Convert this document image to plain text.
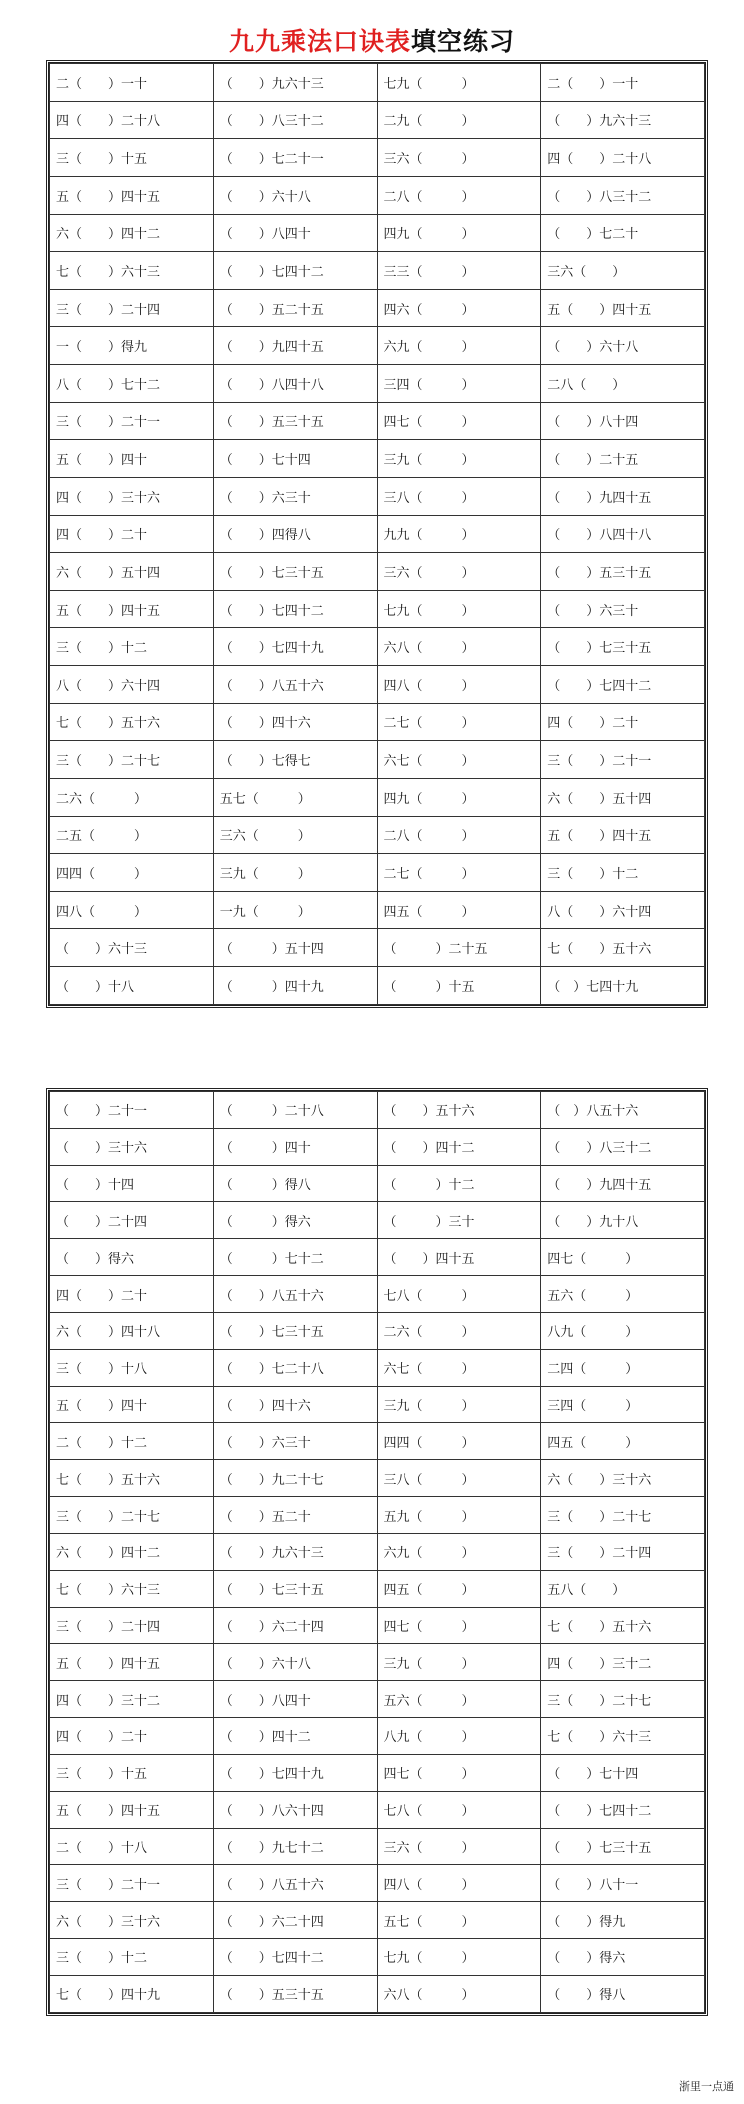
九九乘法口诀表填空练习
二（　　）一十	（　　）九六十三	七九（　　　）	二（　　）一十
四（　　）二十八	（　　）八三十二	二九（　　　）	（　　）九六十三
三（　　）十五	（　　）七二十一	三六（　　　）	四（　　）二十八
五（　　）四十五	（　　）六十八	二八（　　　）	（　　）八三十二
六（　　）四十二	（　　）八四十	四九（　　　）	（　　）七二十
七（　　）六十三	（　　）七四十二	三三（　　　）	三六（　　）
三（　　）二十四	（　　）五二十五	四六（　　　）	五（　　）四十五
一（　　）得九	（　　）九四十五	六九（　　　）	（　　）六十八
八（　　）七十二	（　　）八四十八	三四（　　　）	二八（　　）
三（　　）二十一	（　　）五三十五	四七（　　　）	（　　）八十四
五（　　）四十	（　　）七十四	三九（　　　）	（　　）二十五
四（　　）三十六	（　　）六三十	三八（　　　）	（　　）九四十五
四（　　）二十	（　　）四得八	九九（　　　）	（　　）八四十八
六（　　）五十四	（　　）七三十五	三六（　　　）	（　　）五三十五
五（　　）四十五	（　　）七四十二	七九（　　　）	（　　）六三十
三（　　）十二	（　　）七四十九	六八（　　　）	（　　）七三十五
八（　　）六十四	（　　）八五十六	四八（　　　）	（　　）七四十二
七（　　）五十六	（　　）四十六	二七（　　　）	四（　　）二十
三（　　）二十七	（　　）七得七	六七（　　　）	三（　　）二十一
二六（　　　）	五七（　　　）	四九（　　　）	六（　　）五十四
二五（　　　）	三六（　　　）	二八（　　　）	五（　　）四十五
四四（　　　）	三九（　　　）	二七（　　　）	三（　　）十二
四八（　　　）	一九（　　　）	四五（　　　）	八（　　）六十四
（　　）六十三	（　　　）五十四	（　　　）二十五	七（　　）五十六
（　　）十八	（　　　）四十九	（　　　）十五	（　）七四十九
（　　）二十一	（　　　）二十八	（　　）五十六	（　）八五十六
（　　）三十六	（　　　）四十	（　　）四十二	（　　）八三十二
（　　）十四	（　　　）得八	（　　　）十二	（　　）九四十五
（　　）二十四	（　　　）得六	（　　　）三十	（　　）九十八
（　　）得六	（　　　）七十二	（　　）四十五	四七（　　　）
四（　　）二十	（　　）八五十六	七八（　　　）	五六（　　　）
六（　　）四十八	（　　）七三十五	二六（　　　）	八九（　　　）
三（　　）十八	（　　）七二十八	六七（　　　）	二四（　　　）
五（　　）四十	（　　）四十六	三九（　　　）	三四（　　　）
二（　　）十二	（　　）六三十	四四（　　　）	四五（　　　）
七（　　）五十六	（　　）九二十七	三八（　　　）	六（　　）三十六
三（　　）二十七	（　　）五二十	五九（　　　）	三（　　）二十七
六（　　）四十二	（　　）九六十三	六九（　　　）	三（　　）二十四
七（　　）六十三	（　　）七三十五	四五（　　　）	五八（　　）
三（　　）二十四	（　　）六二十四	四七（　　　）	七（　　）五十六
五（　　）四十五	（　　）六十八	三九（　　　）	四（　　）三十二
四（　　）三十二	（　　）八四十	五六（　　　）	三（　　）二十七
四（　　）二十	（　　）四十二	八九（　　　）	七（　　）六十三
三（　　）十五	（　　）七四十九	四七（　　　）	（　　）七十四
五（　　）四十五	（　　）八六十四	七八（　　　）	（　　）七四十二
二（　　）十八	（　　）九七十二	三六（　　　）	（　　）七三十五
三（　　）二十一	（　　）八五十六	四八（　　　）	（　　）八十一
六（　　）三十六	（　　）六二十四	五七（　　　）	（　　）得九
三（　　）十二	（　　）七四十二	七九（　　　）	（　　）得六
七（　　）四十九	（　　）五三十五	六八（　　　）	（　　）得八
浙里一点通
